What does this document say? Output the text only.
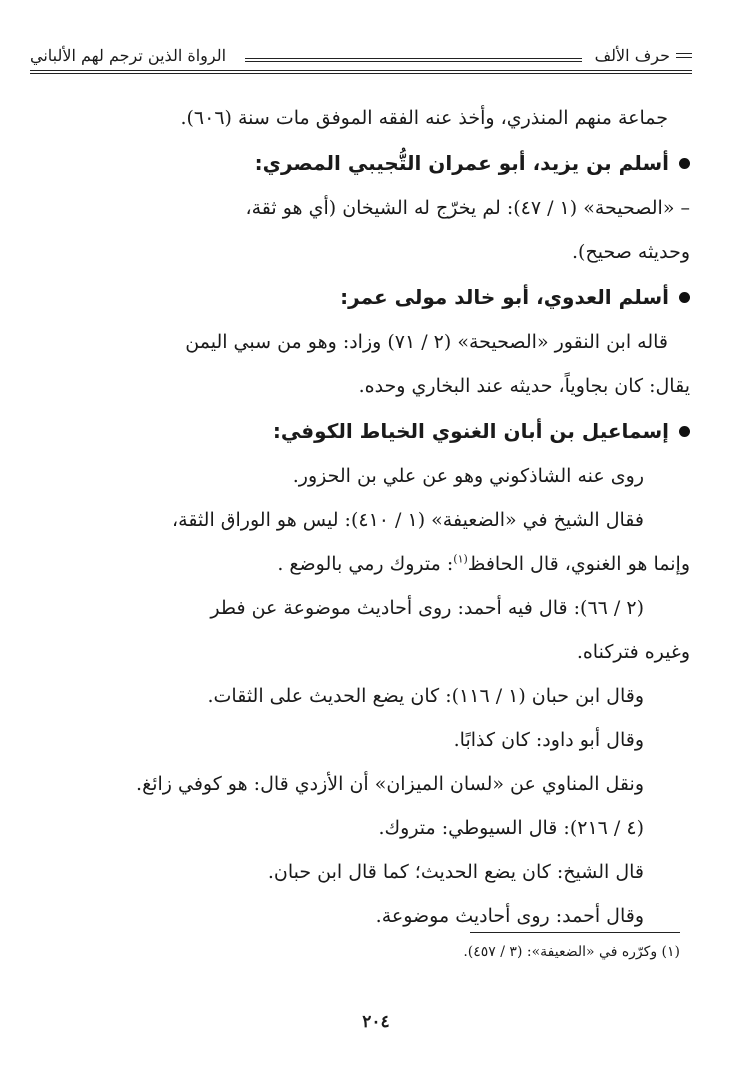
حرف الألف
الرواة الذين ترجم لهم الألباني
جماعة منهم المنذري، وأخذ عنه الفقه الموفق مات سنة (٦٠٦).
أسلم بن يزيد، أبو عمران التُّجيبي المصري:
– «الصحيحة» (١ / ٤٧): لم يخرّج له الشيخان (أي هو ثقة،
وحديثه صحيح).
أسلم العدوي، أبو خالد مولى عمر:
قاله ابن النقور «الصحيحة» (٢ / ٧١) وزاد: وهو من سبي اليمن
يقال: كان بجاوياً، حديثه عند البخاري وحده.
إسماعيل بن أبان الغنوي الخياط الكوفي:
روى عنه الشاذكوني وهو عن علي بن الحزور.
فقال الشيخ في «الضعيفة» (١ / ٤١٠): ليس هو الوراق الثقة،
وإنما هو الغنوي، قال الحافظ$^{(١)}$: متروك رمي بالوضع .
(٢ / ٦٦): قال فيه أحمد: روى أحاديث موضوعة عن فطر
وغيره فتركناه.
وقال ابن حبان (١ / ١١٦): كان يضع الحديث على الثقات.
وقال أبو داود: كان كذابًا.
ونقل المناوي عن «لسان الميزان» أن الأزدي قال: هو كوفي زائغ.
(٤ / ٢١٦): قال السيوطي: متروك.
قال الشيخ: كان يضع الحديث؛ كما قال ابن حبان.
وقال أحمد: روى أحاديث موضوعة.
(١) وكرّره في «الضعيفة»: (٣ / ٤٥٧).
٢٠٤
